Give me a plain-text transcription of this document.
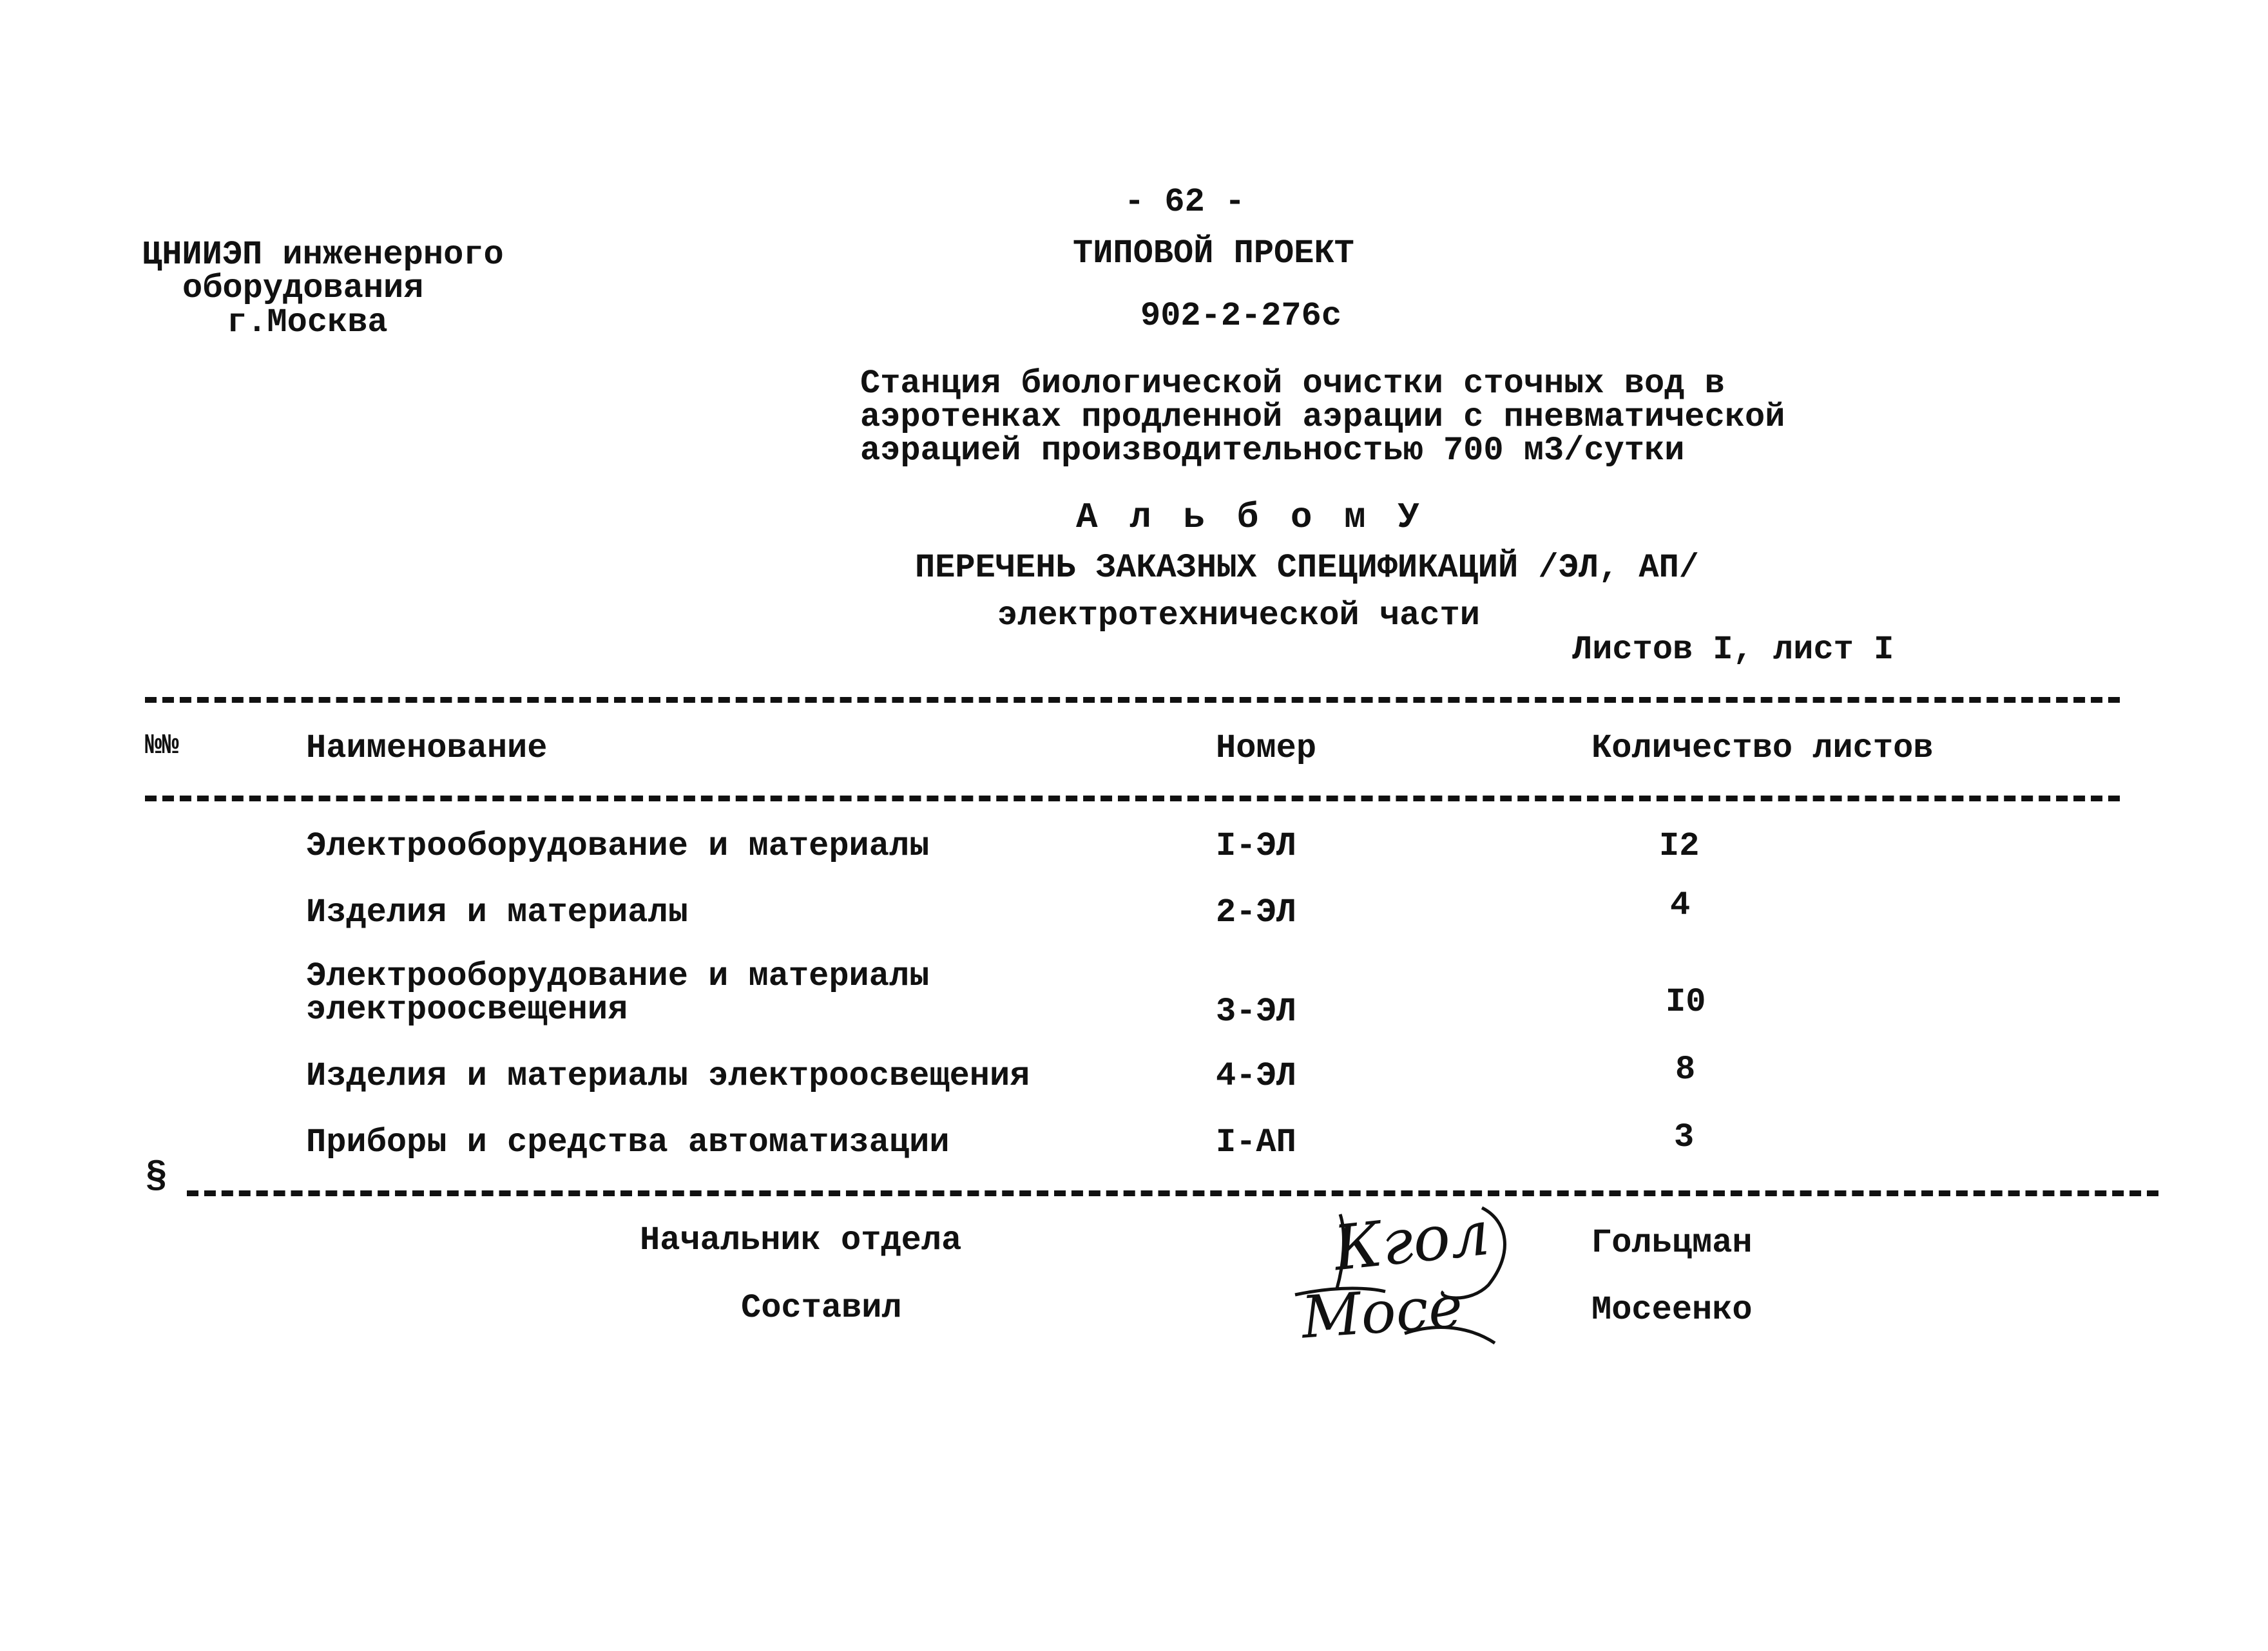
- 62 -
ЦНИИЭП инженерного
оборудования
г.Москва
ТИПОВОЙ ПРОЕКТ
902-2-276с
Станция биологической очистки сточных вод в
аэротенках продленной аэрации с пневматической
аэрацией производительностью 700 м3/сутки
А л ь б о м У
ПЕРЕЧЕНЬ ЗАКАЗНЫХ СПЕЦИФИКАЦИЙ /ЭЛ, АП/
электротехнической части
Листов I, лист I
№№	Наименование	Номер	Количество листов
Электрооборудование и материалы	I-ЭЛ	I2
Изделия и материалы	2-ЭЛ	4
Электрооборудование и материалы
электроосвещения	3-ЭЛ	I0
Изделия и материалы электроосвещения	4-ЭЛ	8
Приборы и средства автоматизации	I-АП	3
§
Начальник отдела	Гольцман
Составил	Мосеенко
Кгол
Мосе
